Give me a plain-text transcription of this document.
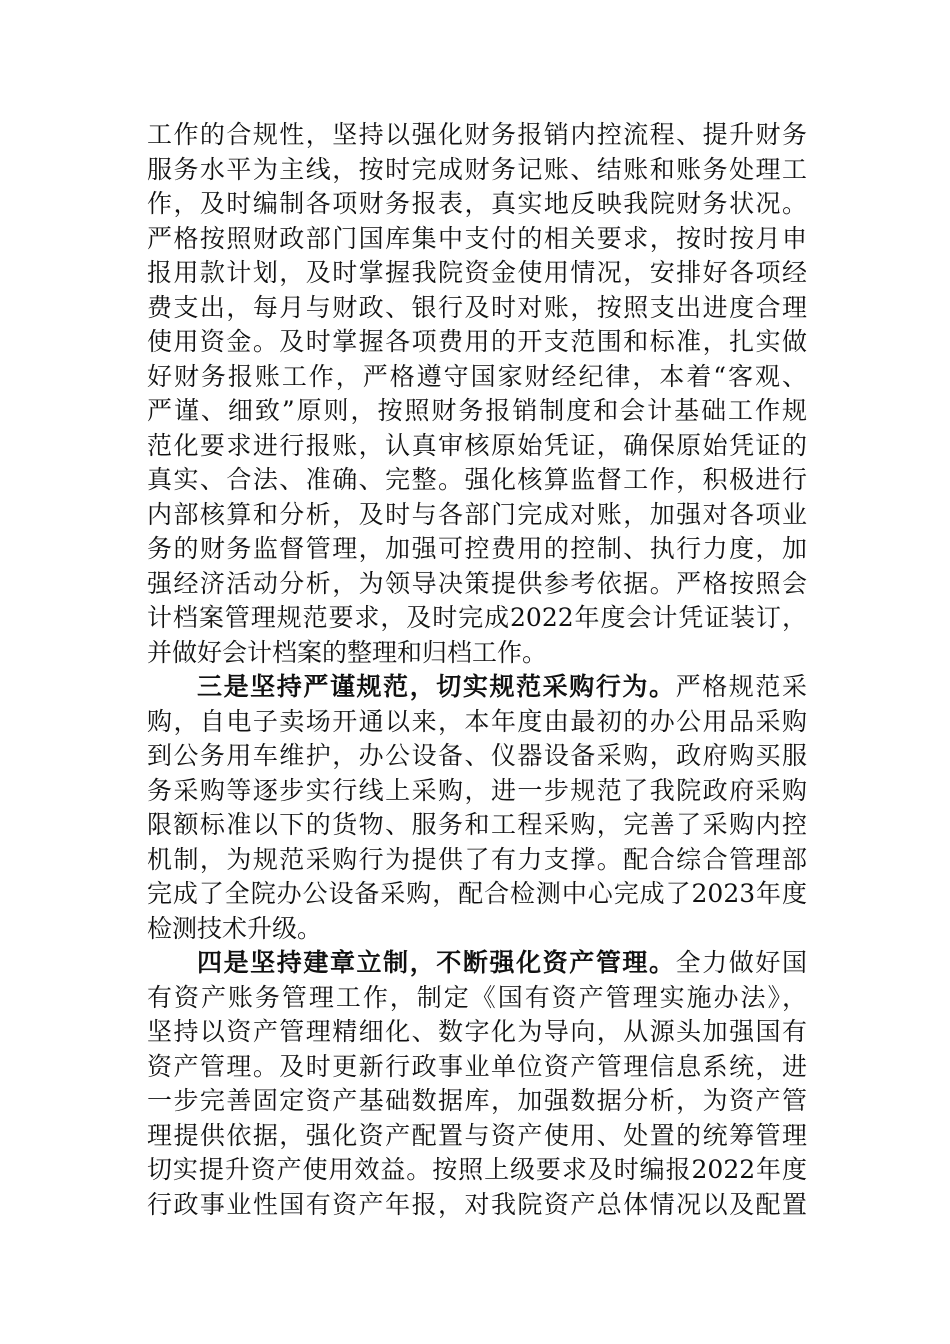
工作的合规性，坚持以强化财务报销内控流程、提升财务
服务水平为主线，按时完成财务记账、结账和账务处理工
作，及时编制各项财务报表，真实地反映我院财务状况。
严格按照财政部门国库集中支付的相关要求，按时按月申
报用款计划，及时掌握我院资金使用情况，安排好各项经
费支出，每月与财政、银行及时对账，按照支出进度合理
使用资金。及时掌握各项费用的开支范围和标准，扎实做
好财务报账工作，严格遵守国家财经纪律，本着“客观、
严谨、细致”原则，按照财务报销制度和会计基础工作规
范化要求进行报账，认真审核原始凭证，确保原始凭证的
真实、合法、准确、完整。强化核算监督工作，积极进行
内部核算和分析，及时与各部门完成对账，加强对各项业
务的财务监督管理，加强可控费用的控制、执行力度，加
强经济活动分析，为领导决策提供参考依据。严格按照会
计档案管理规范要求，及时完成2022年度会计凭证装订，
并做好会计档案的整理和归档工作。
三是坚持严谨规范，切实规范采购行为。严格规范采
购，自电子卖场开通以来，本年度由最初的办公用品采购
到公务用车维护，办公设备、仪器设备采购，政府购买服
务采购等逐步实行线上采购，进一步规范了我院政府采购
限额标准以下的货物、服务和工程采购，完善了采购内控
机制，为规范采购行为提供了有力支撑。配合综合管理部
完成了全院办公设备采购，配合检测中心完成了2023年度
检测技术升级。
四是坚持建章立制，不断强化资产管理。全力做好国
有资产账务管理工作，制定《国有资产管理实施办法》，
坚持以资产管理精细化、数字化为导向，从源头加强国有
资产管理。及时更新行政事业单位资产管理信息系统，进
一步完善固定资产基础数据库，加强数据分析，为资产管
理提供依据，强化资产配置与资产使用、处置的统筹管理
切实提升资产使用效益。按照上级要求及时编报2022年度
行政事业性国有资产年报，对我院资产总体情况以及配置
